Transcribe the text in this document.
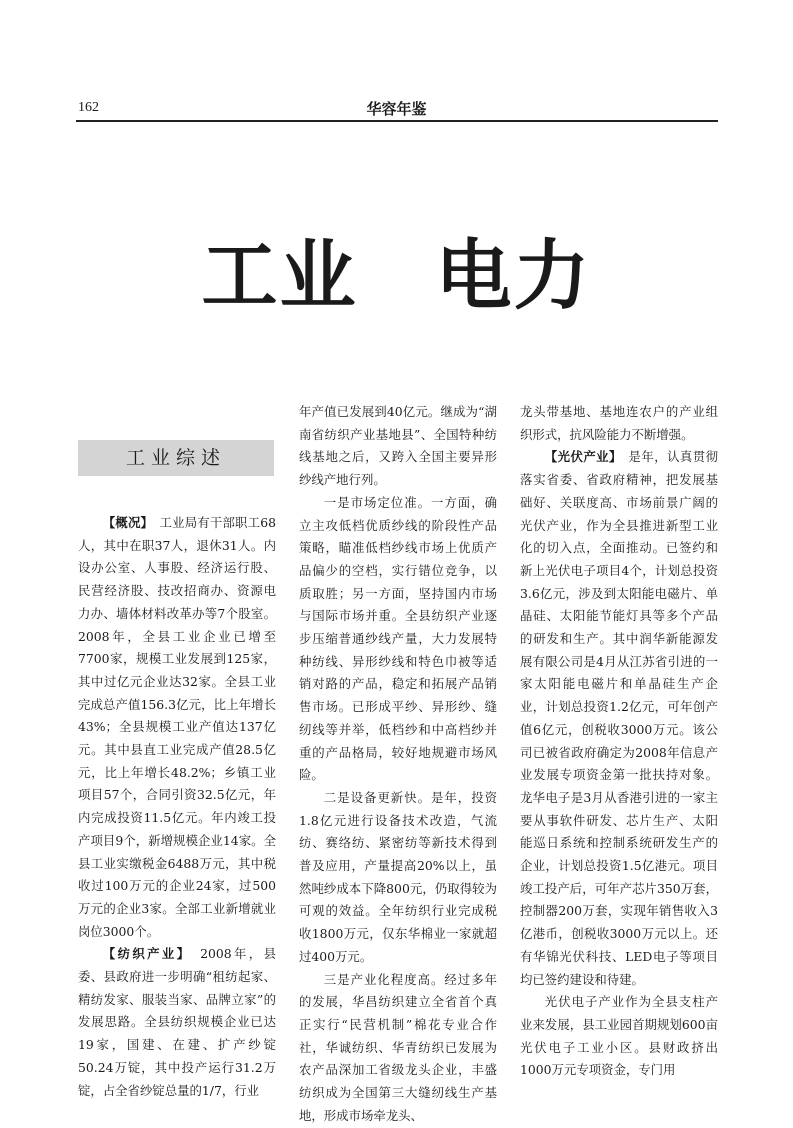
162	华容年鉴
工业　电力
工业综述

【概况】　工业局有干部职工68人，其中在职37人，退休31人。内设办公室、人事股、经济运行股、民营经济股、技改招商办、资源电力办、墙体材料改革办等7个股室。2008年，全县工业企业已增至7700家，规模工业发展到125家，其中过亿元企业达32家。全县工业完成总产值156.3亿元，比上年增长43%；全县规模工业产值达137亿元。其中县直工业完成产值28.5亿元，比上年增长48.2%；乡镇工业项目57个，合同引资32.5亿元，年内完成投资11.5亿元。年内竣工投产项目9个，新增规模企业14家。全县工业实缴税金6488万元，其中税收过100万元的企业24家，过500万元的企业3家。全部工业新增就业岗位3000个。

【纺织产业】　2008年，县委、县政府进一步明确“租纺起家、精纺发家、服装当家、品牌立家”的发展思路。全县纺织规模企业已达19家，国建、在建、扩产纱锭50.24万锭，其中投产运行31.2万锭，占全省纱锭总量的1/7，行业

年产值已发展到40亿元。继成为“湖南省纺织产业基地县”、全国特种纺线基地之后，又跨入全国主要异形纱线产地行列。

一是市场定位准。一方面，确立主攻低档优质纱线的阶段性产品策略，瞄准低档纱线市场上优质产品偏少的空档，实行错位竞争，以质取胜；另一方面，坚持国内市场与国际市场并重。全县纺织产业逐步压缩普通纱线产量，大力发展特种纺线、异形纱线和特色巾被等适销对路的产品，稳定和拓展产品销售市场。已形成平纱、异形纱、缝纫线等并举，低档纱和中高档纱并重的产品格局，较好地规避市场风险。

二是设备更新快。是年，投资1.8亿元进行设备技术改造，气流纺、赛络纺、紧密纺等新技术得到普及应用，产量提高20%以上，虽然吨纱成本下降800元，仍取得较为可观的效益。全年纺织行业完成税收1800万元，仅东华棉业一家就超过400万元。

三是产业化程度高。经过多年的发展，华昌纺织建立全省首个真正实行“民营机制”棉花专业合作社，华诚纺织、华青纺织已发展为农产品深加工省级龙头企业，丰盛纺织成为全国第三大缝纫线生产基地，形成市场牵龙头、

龙头带基地、基地连农户的产业组织形式，抗风险能力不断增强。

【光伏产业】　是年，认真贯彻落实省委、省政府精神，把发展基础好、关联度高、市场前景广阔的光伏产业，作为全县推进新型工业化的切入点，全面推动。已签约和新上光伏电子项目4个，计划总投资3.6亿元，涉及到太阳能电磁片、单晶硅、太阳能节能灯具等多个产品的研发和生产。其中润华新能源发展有限公司是4月从江苏省引进的一家太阳能电磁片和单晶硅生产企业，计划总投资1.2亿元，可年创产值6亿元，创税收3000万元。该公司已被省政府确定为2008年信息产业发展专项资金第一批扶持对象。龙华电子是3月从香港引进的一家主要从事软件研发、芯片生产、太阳能巡日系统和控制系统研发生产的企业，计划总投资1.5亿港元。项目竣工投产后，可年产芯片350万套，控制器200万套，实现年销售收入3亿港币，创税收3000万元以上。还有华锦光伏科技、LED电子等项目均已签约建设和待建。

光伏电子产业作为全县支柱产业来发展，县工业园首期规划600亩光伏电子工业小区。县财政挤出1000万元专项资金，专门用
